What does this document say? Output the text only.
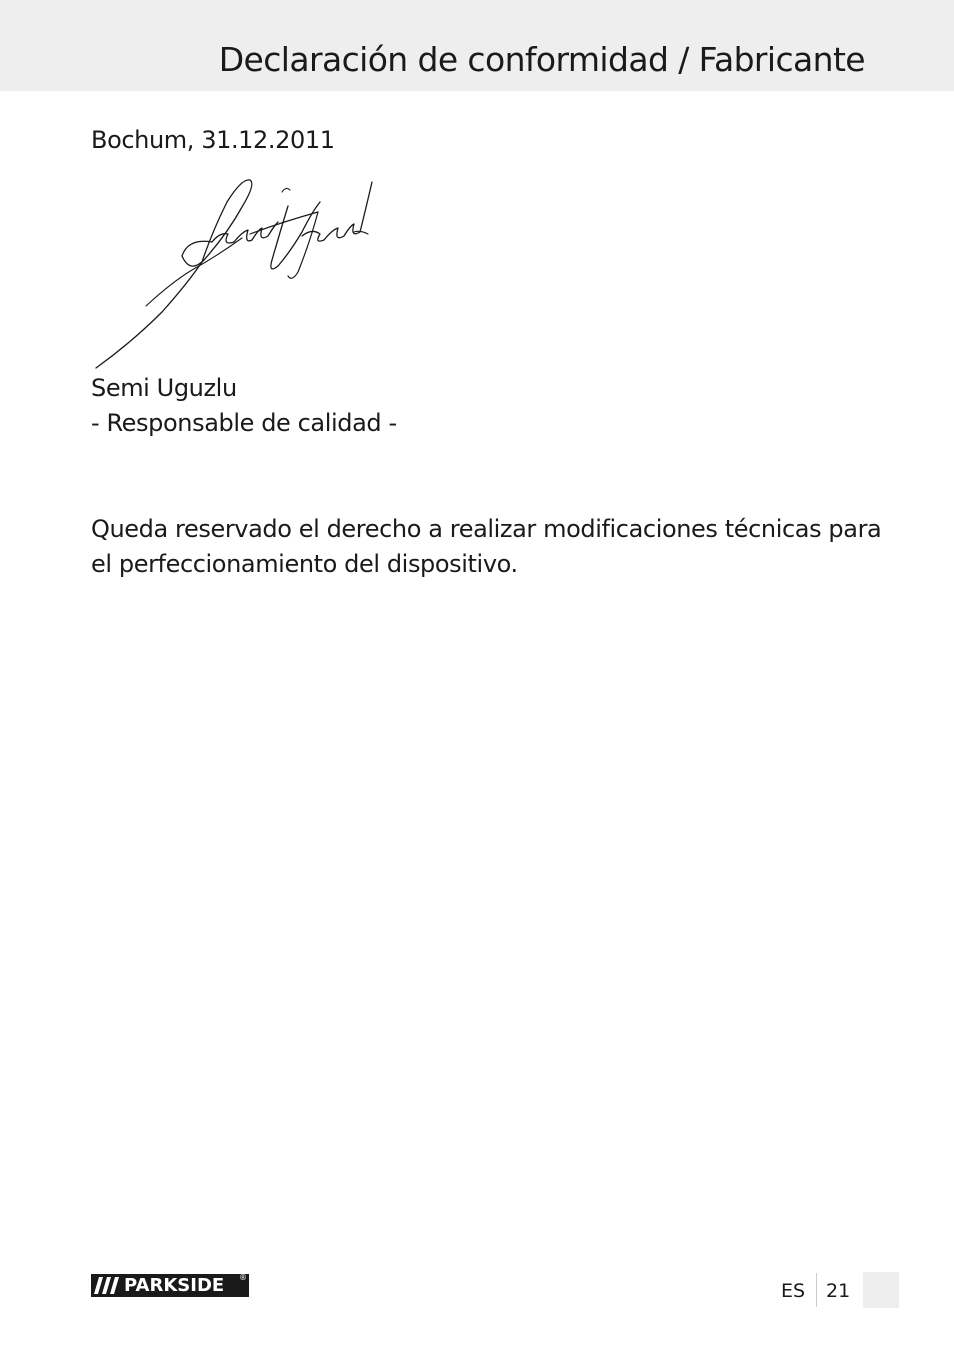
Declaración de conformidad / Fabricante
Bochum, 31.12.2011
Semi Uguzlu
- Responsable de calidad -
Queda reservado el derecho a realizar modificaciones técnicas para
el perfeccionamiento del dispositivo.
PARKSIDE ®
ES 21
